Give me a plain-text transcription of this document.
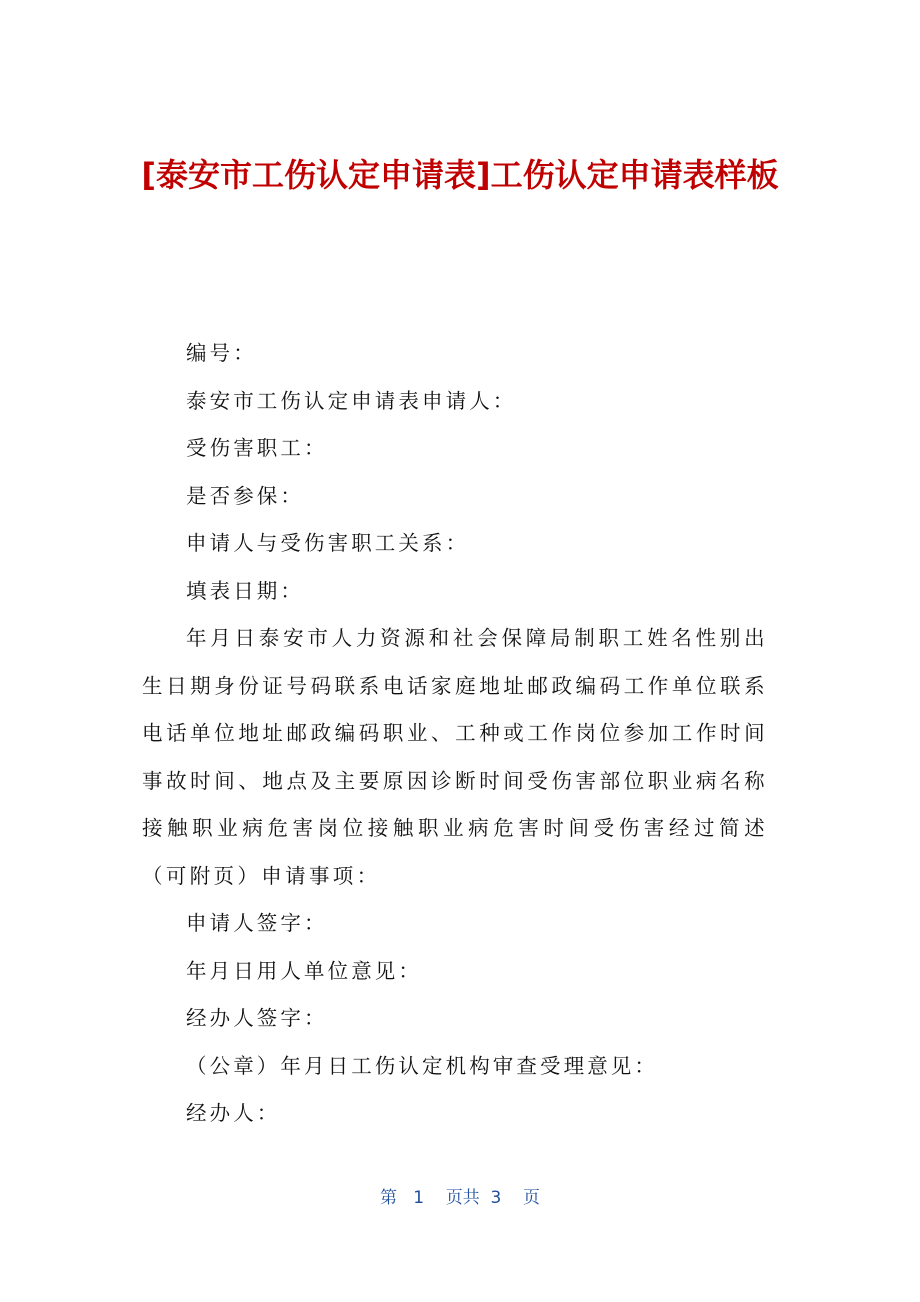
[泰安市工伤认定申请表]工伤认定申请表样板

编号：

泰安市工伤认定申请表申请人：

受伤害职工：

是否参保：

申请人与受伤害职工关系：

填表日期：

年月日泰安市人力资源和社会保障局制职工姓名性别出生日期身份证号码联系电话家庭地址邮政编码工作单位联系电话单位地址邮政编码职业、工种或工作岗位参加工作时间事故时间、地点及主要原因诊断时间受伤害部位职业病名称接触职业病危害岗位接触职业病危害时间受伤害经过简述（可附页）申请事项：

申请人签字：

年月日用人单位意见：

经办人签字：

（公章）年月日工伤认定机构审查受理意见：

经办人：

第 1 页共 3 页
